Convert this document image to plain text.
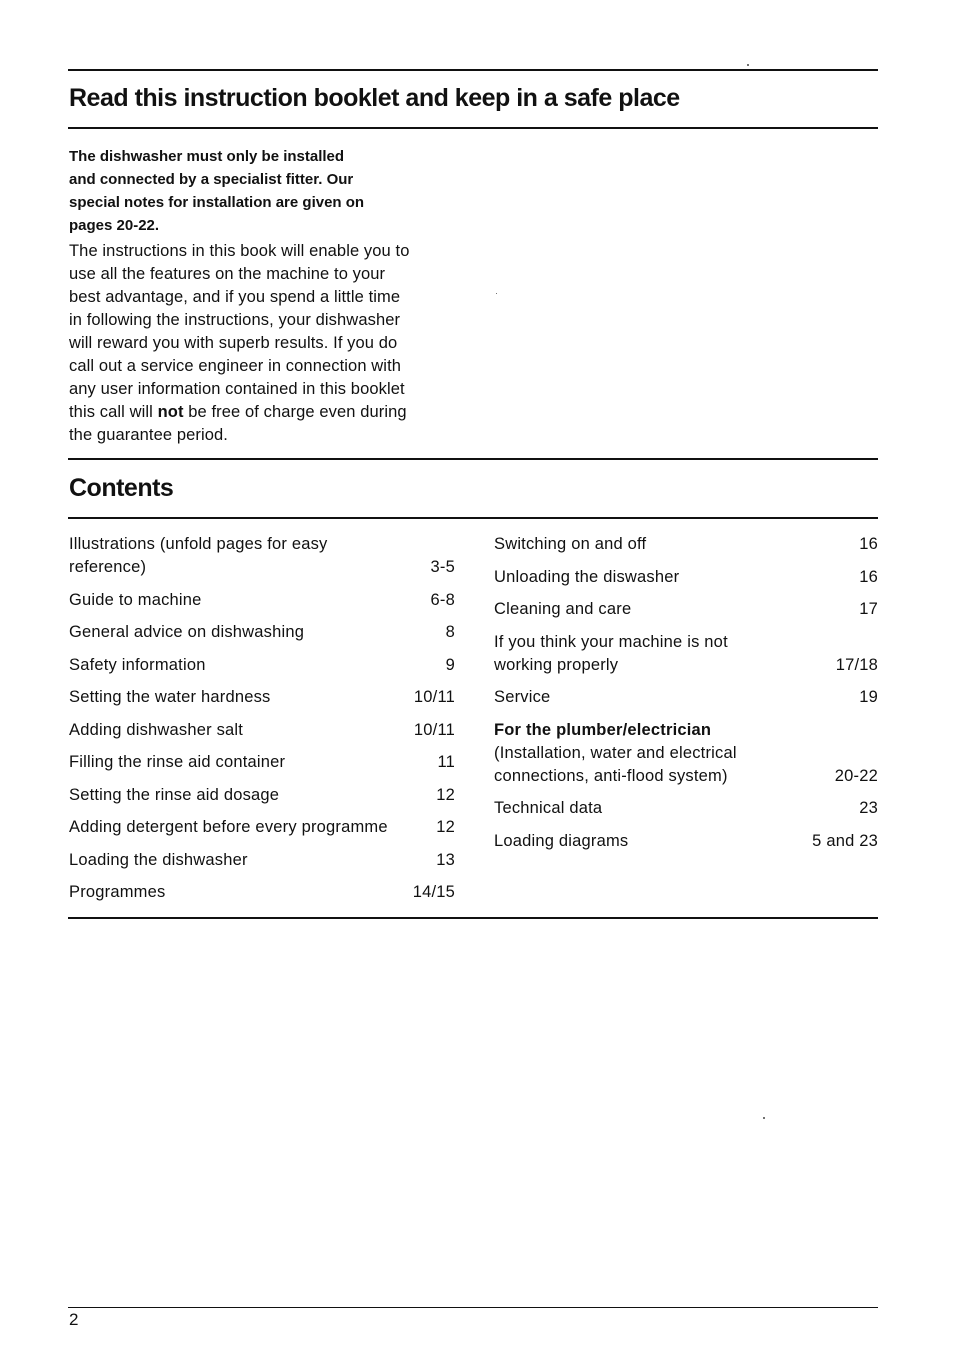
Read this instruction booklet and keep in a safe place

The dishwasher must only be installed
and connected by a specialist fitter. Our
special notes for installation are given on
pages 20-22.

The instructions in this book will enable you to
use all the features on the machine to your
best advantage, and if you spend a little time
in following the instructions, your dishwasher
will reward you with superb results. If you do
call out a service engineer in connection with
any user information contained in this booklet
this call will not be free of charge even during
the guarantee period.

Contents
Illustrations (unfold pages for easy reference)	3-5
Guide to machine	6-8
General advice on dishwashing	8
Safety information	9
Setting the water hardness	10/11
Adding dishwasher salt	10/11
Filling the rinse aid container	11
Setting the rinse aid dosage	12
Adding detergent before every programme	12
Loading the dishwasher	13
Programmes	14/15
Switching on and off	16
Unloading the diswasher	16
Cleaning and care	17
If you think your machine is not working properly	17/18
Service	19
For the plumber/electrician
(Installation, water and electrical connections, anti-flood system)	20-22
Technical data	23
Loading diagrams	5 and 23
2
